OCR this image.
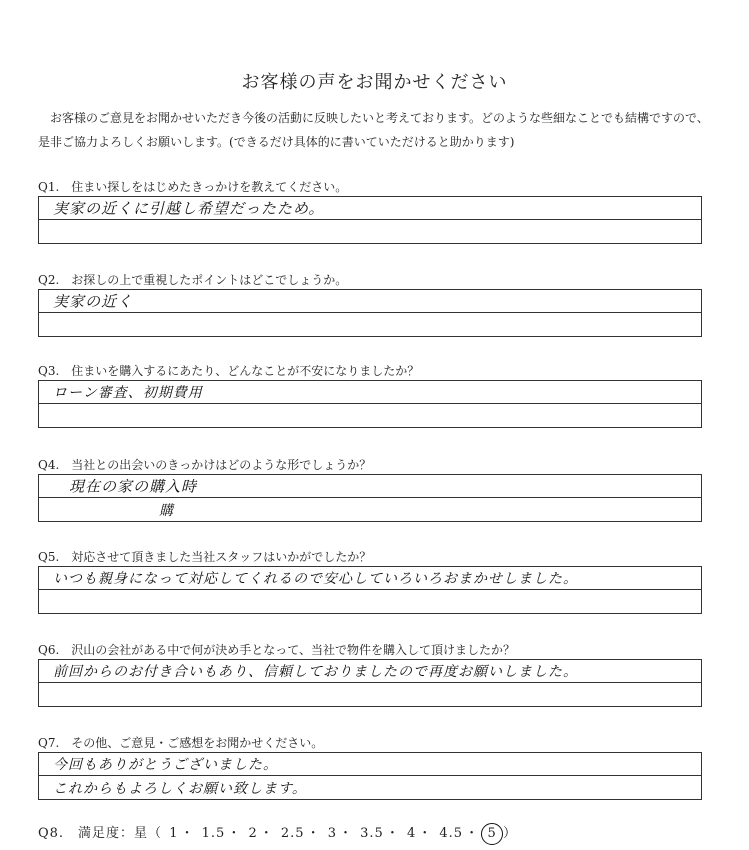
お客様の声をお聞かせください
お客様のご意見をお聞かせいただき今後の活動に反映したいと考えております。どのような些細なことでも結構ですので、是非ご協力よろしくお願いします。(できるだけ具体的に書いていただけると助かります)
Q1.　住まい探しをはじめたきっかけを教えてください。
実家の近くに引越し希望だったため。
Q2.　お探しの上で重視したポイントはどこでしょうか。
実家の近く
Q3.　住まいを購入するにあたり、どんなことが不安になりましたか？
ローン審査、初期費用
Q4.　当社との出会いのきっかけはどのような形でしょうか？
現在の家の購入時
購
Q5.　対応させて頂きました当社スタッフはいかがでしたか？
いつも親身になって対応してくれるので安心していろいろおまかせしました。
Q6.　沢山の会社がある中で何が決め手となって、当社で物件を購入して頂けましたか？
前回からのお付き合いもあり、信頼しておりましたので再度お願いしました。
Q7.　その他、ご意見・ご感想をお聞かせください。
今回もありがとうございました。
これからもよろしくお願い致します。
Q8.　満足度：星（ 1 ・ 1.5 ・ 2 ・ 2.5 ・ 3 ・ 3.5 ・ 4 ・ 4.5 ・ 5 ）
